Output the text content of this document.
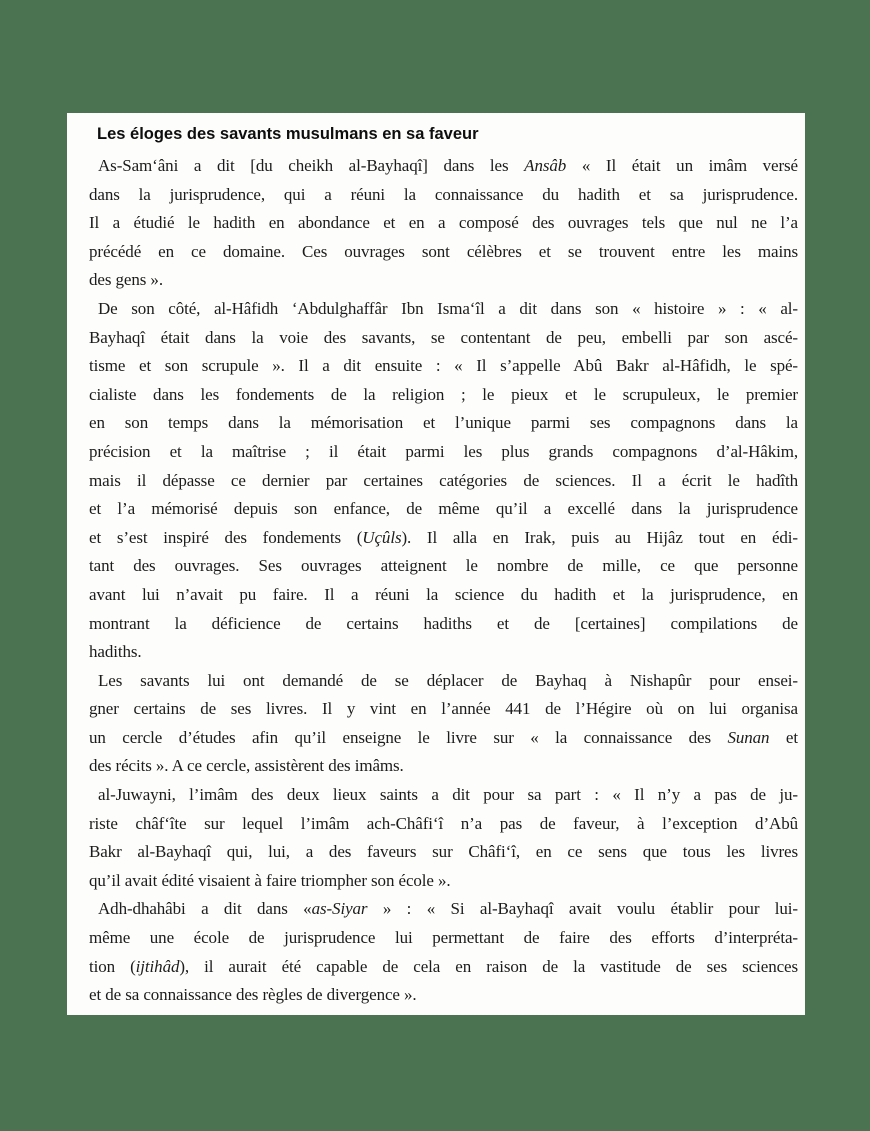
Les éloges des savants musulmans en sa faveur
As-Sam‘âni a dit [du cheikh al-Bayhaqî] dans les Ansâb « Il était un imâm versé
dans la jurisprudence, qui a réuni la connaissance du hadith et sa jurisprudence.
Il a étudié le hadith en abondance et en a composé des ouvrages tels que nul ne l’a
précédé en ce domaine. Ces ouvrages sont célèbres et se trouvent entre les mains
des gens ».
De son côté, al-Hâfidh ‘Abdulghaffâr Ibn Isma‘îl a dit dans son « histoire » : « al-
Bayhaqî était dans la voie des savants, se contentant de peu, embelli par son ascé-
tisme et son scrupule ». Il a dit ensuite : « Il s’appelle Abû Bakr al-Hâfidh, le spé-
cialiste dans les fondements de la religion ; le pieux et le scrupuleux, le premier
en son temps dans la mémorisation et l’unique parmi ses compagnons dans la
précision et la maîtrise ; il était parmi les plus grands compagnons d’al-Hâkim,
mais il dépasse ce dernier par certaines catégories de sciences. Il a écrit le hadîth
et l’a mémorisé depuis son enfance, de même qu’il a excellé dans la jurisprudence
et s’est inspiré des fondements (Uçûls). Il alla en Irak, puis au Hijâz tout en édi-
tant des ouvrages. Ses ouvrages atteignent le nombre de mille, ce que personne
avant lui n’avait pu faire. Il a réuni la science du hadith et la jurisprudence, en
montrant la déficience de certains hadiths et de [certaines] compilations de
hadiths.
Les savants lui ont demandé de se déplacer de Bayhaq à Nishapûr pour ensei-
gner certains de ses livres. Il y vint en l’année 441 de l’Hégire où on lui organisa
un cercle d’études afin qu’il enseigne le livre sur « la connaissance des Sunan et
des récits ». A ce cercle, assistèrent des imâms.
al-Juwayni, l’imâm des deux lieux saints a dit pour sa part : « Il n’y a pas de ju-
riste châf‘îte sur lequel l’imâm ach-Châfi‘î n’a pas de faveur, à l’exception d’Abû
Bakr al-Bayhaqî qui, lui, a des faveurs sur Châfi‘î, en ce sens que tous les livres
qu’il avait édité visaient à faire triompher son école ».
Adh-dhahâbi a dit dans «as-Siyar » : « Si al-Bayhaqî avait voulu établir pour lui-
même une école de jurisprudence lui permettant de faire des efforts d’interpréta-
tion (ijtihâd), il aurait été capable de cela en raison de la vastitude de ses sciences
et de sa connaissance des règles de divergence ».
